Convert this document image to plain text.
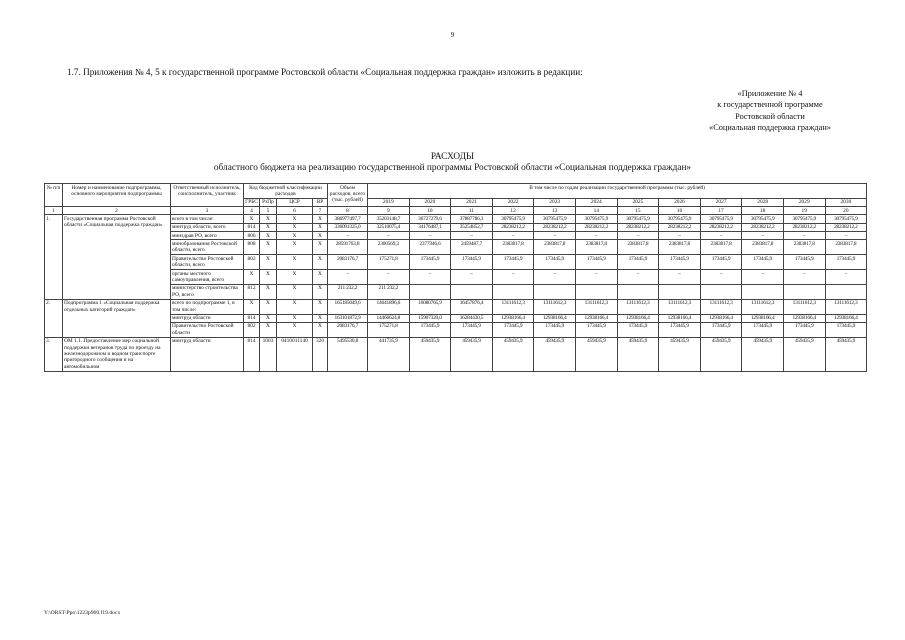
9
1.7. Приложения № 4, 5 к государственной программе Ростовской области «Социальная поддержка граждан» изложить в редакции:
«Приложение № 4
к государственной программе
Ростовской области
«Социальная поддержка граждан»
РАСХОДЫ
областного бюджета на реализацию государственной программы Ростовской области «Социальная поддержка граждан»
№ п/п	Номер и наименование подпрограммы, основного мероприятия подпрограммы	Ответственный исполнитель, соисполнитель, участник	Код бюджетной классификации расходов				Объем расходов, всего (тыс. рублей)	В том числе по годам реализации государственной программы (тыс. рублей)											
			ГРБС	РзПр	ЦСР	ВР		2019	2020	2021	2022	2023	2024	2025	2026	2027	2028	2029	2030
1	2	3	4	5	6	7	8	9	10	11	12	13	14	15	16	17	18	19	20
1.	Государственная программа Ростовской области «Социальная поддержка граждан»	всего в том числе:	Х	Х	Х	Х	386977497,7	35203148,7	36727279,6	37887786,3	30795475,9	30795475,9	30795475,9	30795475,9	30795475,9	30795475,9	30795475,9	30795475,9	30795475,9
		минтруд области, всего	814	Х	Х	Х	336091325,0	32510075,4	34176487,1	35254852,7	28238212,2	28238212,2	28238212,2	28238212,2	28238212,2	28238212,2	28238212,2	28238212,2	28238212,2
		минздрав РО, всего	806	Х	Х	Х	–	–	–	–	–	–	–	–	–	–	–	–	–
		минобразования Ростовской области, всего	808	Х	Х	Х	28591763,8	2300569,3	2377346,6	2459487,7	2383817,8	2383817,8	2383817,8	2383817,8	2383817,8	2383817,8	2383817,8	2383817,8	2383817,8
		Правительство Ростовской области, всего	802	Х	Х	Х	2083176,7	175271,8	173445,9	173445,9	173445,9	173445,9	173445,9	173445,9	173445,9	173445,9	173445,9	173445,9	173445,9
		органы местного самоуправления, всего	Х	Х	Х	Х	–	–	–	–	–	–	–	–	–	–	–	–	–
		министерство строительства РО, всего	812	Х	Х	Х	211 232,2	211 232,2											
2.	Подпрограмма 1 «Социальная поддержка отдельных категорий граждан»	всего по подпрограмме 1, в том числе:	Х	Х	Х	Х	165185049,6	14641896,6	16080765,9	16457876,4	13111612,3	13111612,3	13111612,3	13111612,3	13111612,3	13111612,3	13111612,3	13111612,3	13111612,3
		минтруд области	814	Х	Х	Х	163101872,9	14466624,8	15907320,0	16284430,5	12938166,4	12938166,4	12938166,4	12938166,4	12938166,4	12938166,4	12938166,4	12938166,4	12938166,4
		Правительство Ростовской области	802	Х	Х	Х	2083176,7	175271,8	173445,9	173445,9	173445,9	173445,9	173445,9	173445,9	173445,9	173445,9	173445,9	173445,9	173445,9
3.	ОМ 1.1. Предоставление мер социальной поддержки ветеранов труда по проезду на железнодорожном и водном транспорте пригородного сообщения и на автомобильном	минтруд области	814	1003	0410011140	320	5495530,8	441735,9	459435,9	459435,9	459435,9	459435,9	459435,9	459435,9	459435,9	459435,9	459435,9	459435,9	459435,9
Y:\ORST\Ppo\1223p960.f19.docx
